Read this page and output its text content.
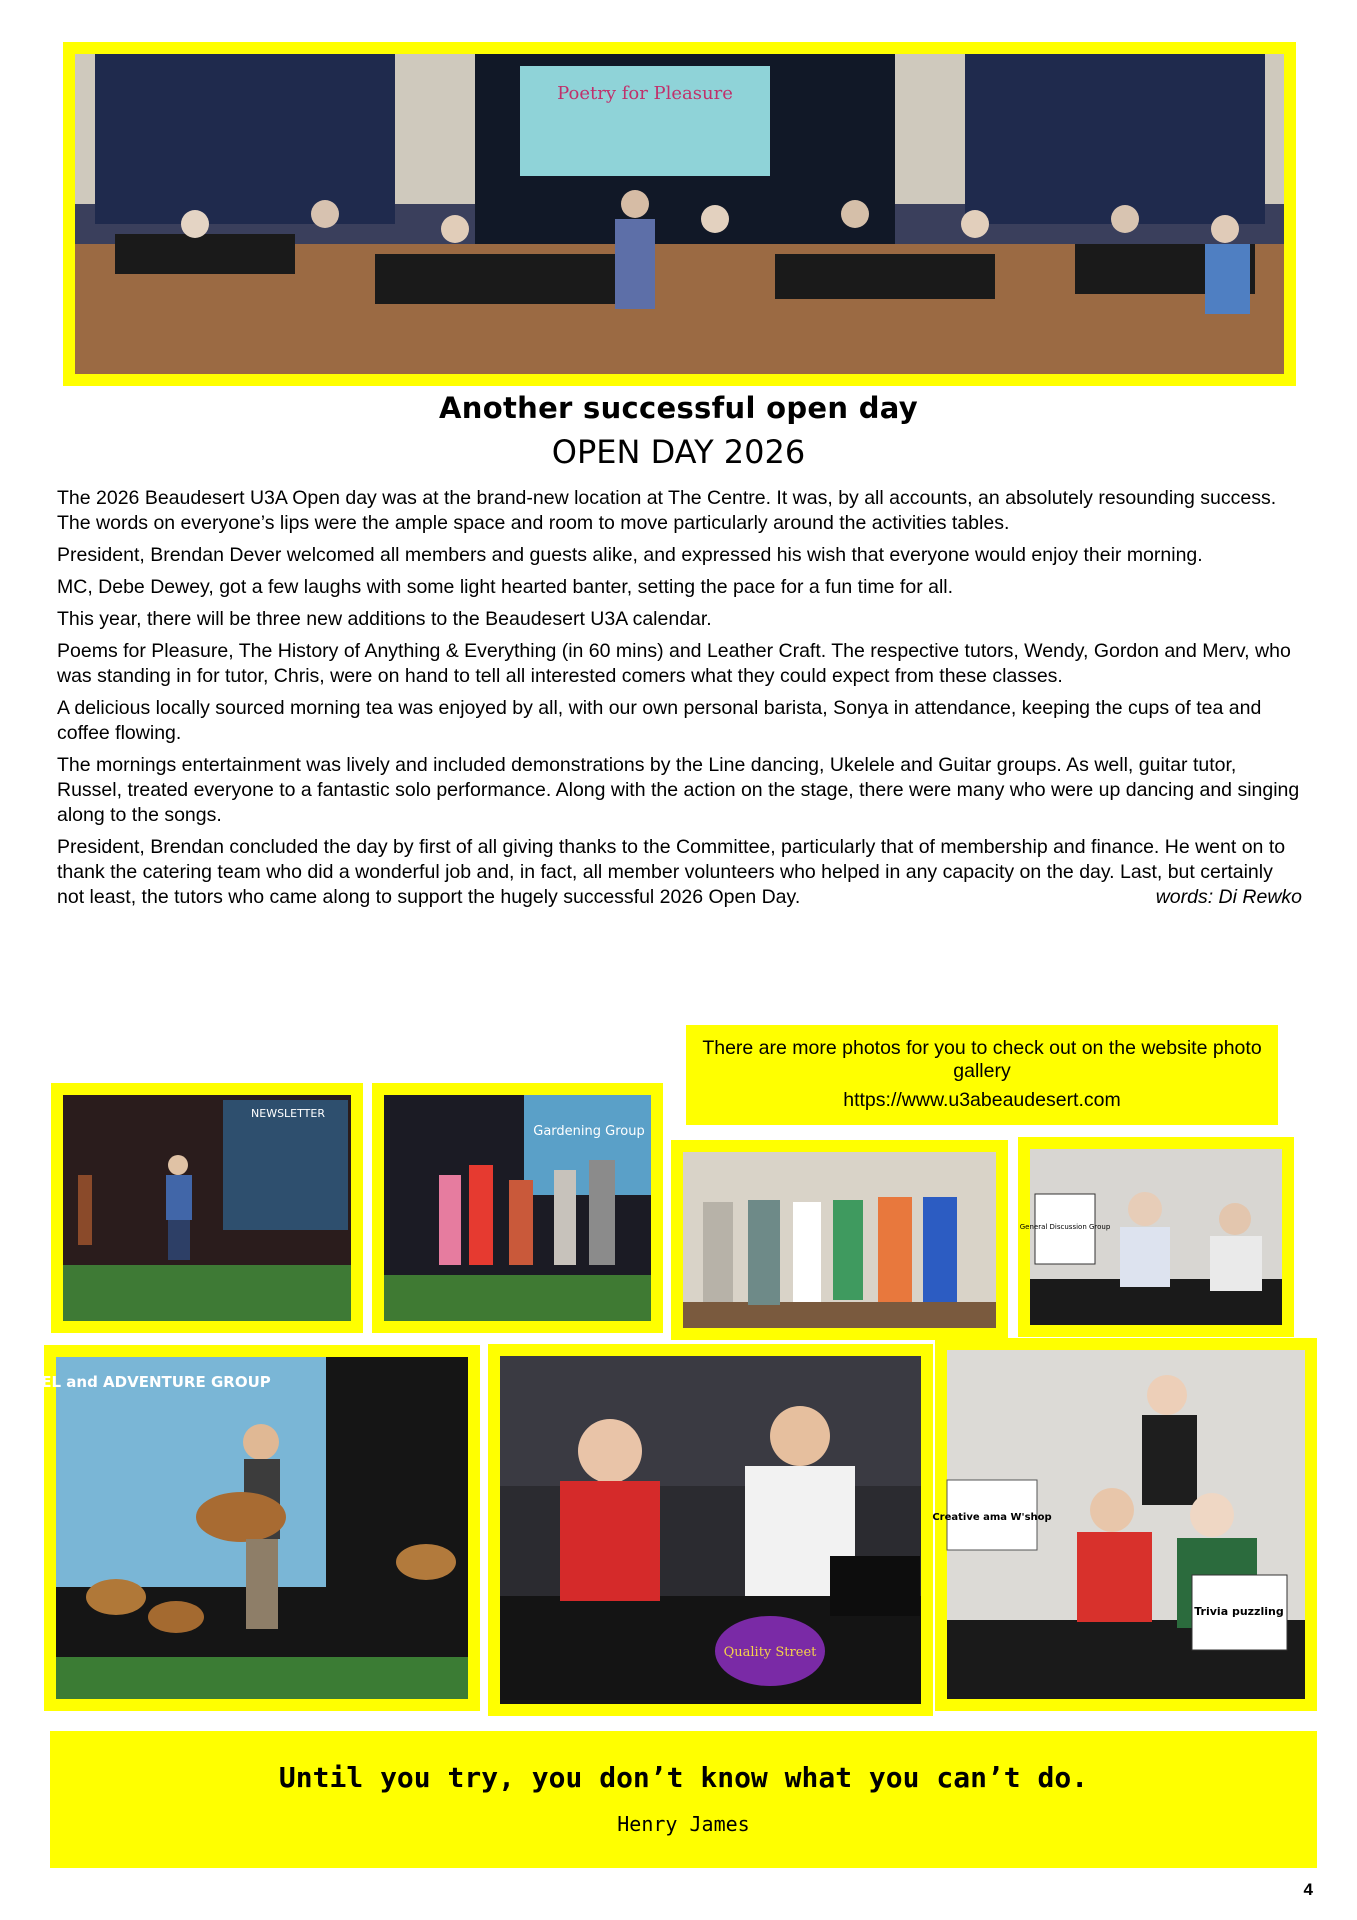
Poetry for Pleasure
Another successful open day
OPEN DAY 2026

The 2026 Beaudesert U3A Open day was at the brand-new location at The Centre. It was, by all accounts, an absolutely resounding success. The words on everyone’s lips were the ample space and room to move particularly around the activities tables.

President, Brendan Dever welcomed all members and guests alike, and expressed his wish that everyone would enjoy their morning.

MC, Debe Dewey, got a few laughs with some light hearted banter, setting the pace for a fun time for all.

This year, there will be three new additions to the Beaudesert U3A calendar.

Poems for Pleasure, The History of Anything & Everything (in 60 mins) and Leather Craft. The respective tutors, Wendy, Gordon and Merv, who was standing in for tutor, Chris, were on hand to tell all interested comers what they could expect from these classes.

A delicious locally sourced morning tea was enjoyed by all, with our own personal barista, Sonya in attendance, keeping the cups of tea and coffee flowing.

The mornings entertainment was lively and included demonstrations by the Line dancing, Ukelele and Guitar groups. As well, guitar tutor, Russel, treated everyone to a fantastic solo performance. Along with the action on the stage, there were many who were up dancing and singing along to the songs.

President, Brendan concluded the day by first of all giving thanks to the Committee, particularly that of membership and finance. He went on to thank the catering team who did a wonderful job and, in fact, all member volunteers who helped in any capacity on the day. Last, but certainly not least, the tutors who came along to support the hugely successful 2026 Open Day.	words: Di Rewko

There are more photos for you to check out on the website photo gallery

https://www.u3abeaudesert.com

NEWSLETTER
Gardening Group
General Discussion Group
EL and ADVENTURE GROUP
Quality Street
Creative ama W'shop
Trivia puzzling
Until you try, you don’t know what you can’t do.
Henry James
4
